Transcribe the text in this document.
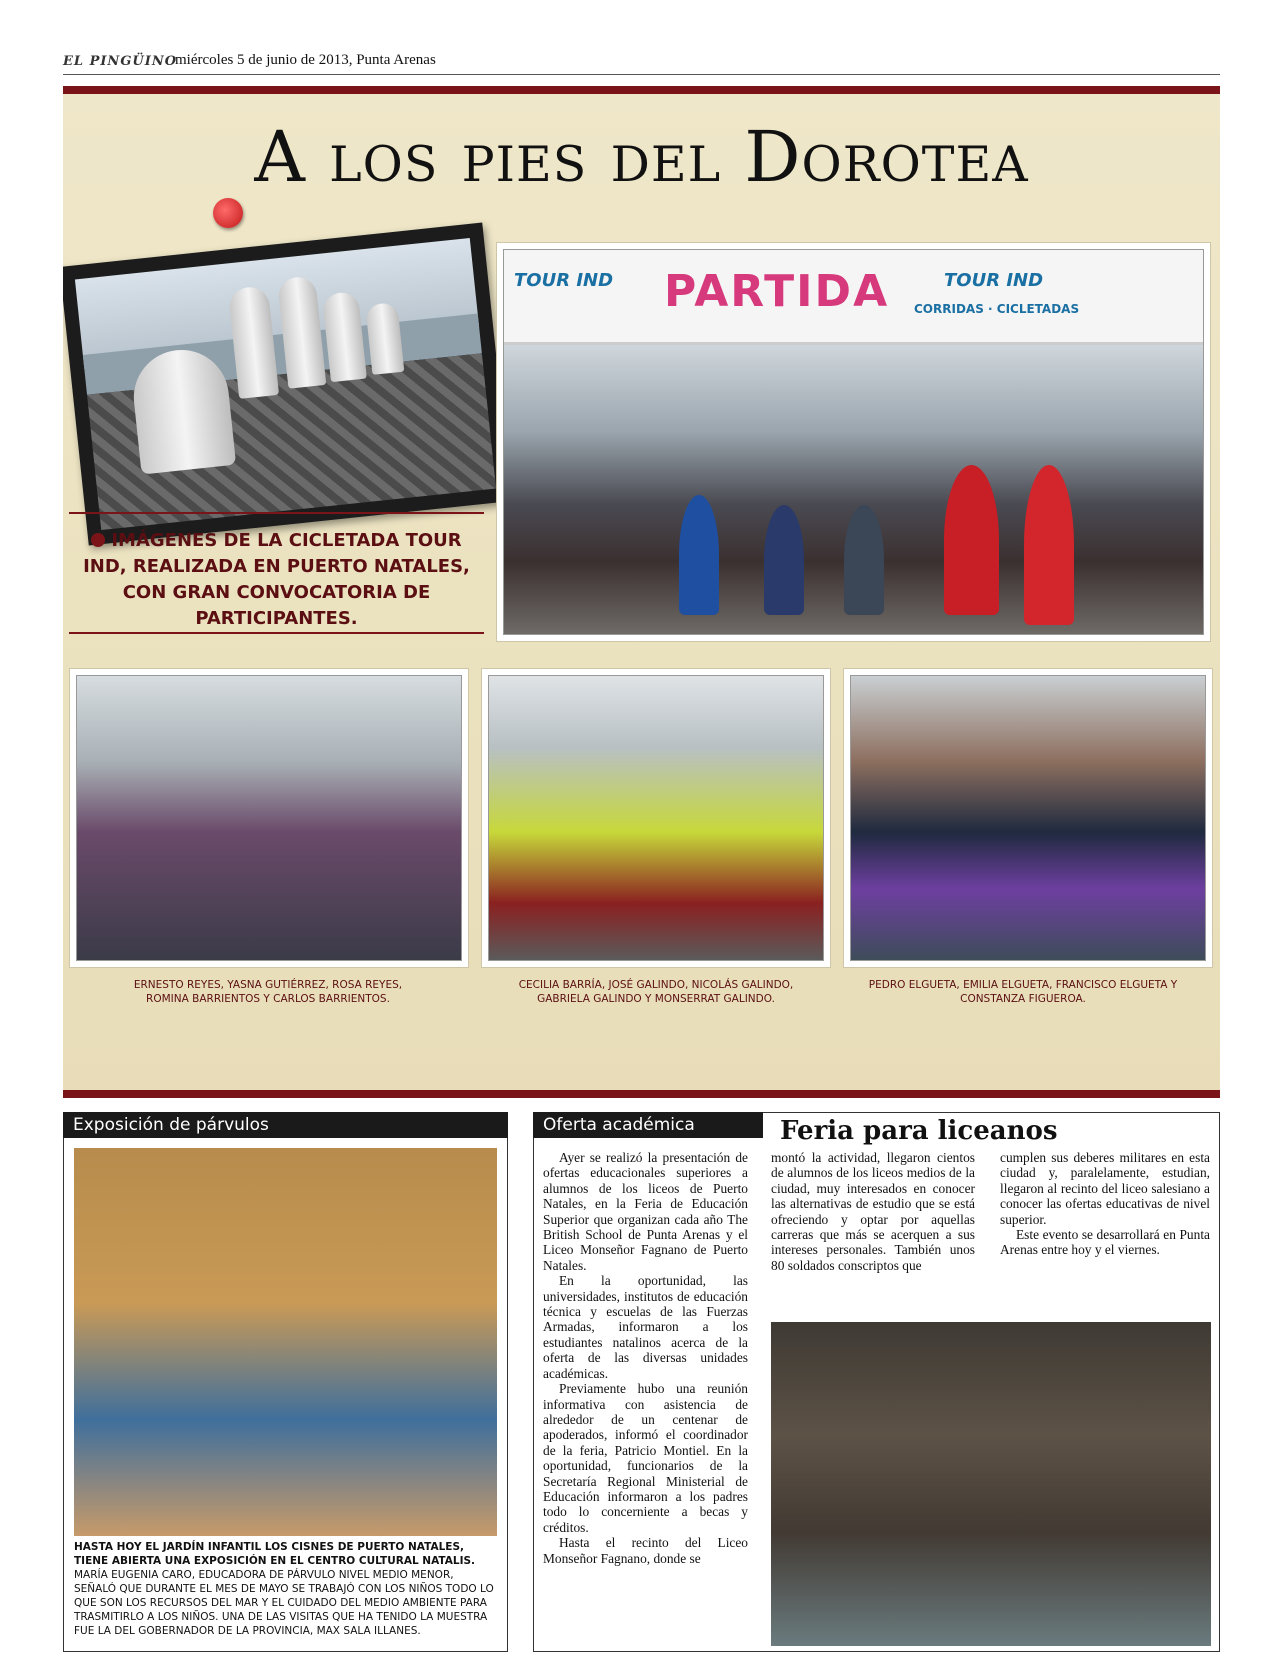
EL PINGÜINO
miércoles 5 de junio de 2013, Punta Arenas
A los pies del Dorotea

IMÁGENES DE LA CICLETADA TOUR IND, REALIZADA EN PUERTO NATALES, CON GRAN CONVOCATORIA DE PARTICIPANTES.

TOUR IND PARTIDA	TOUR IND
CORRIDAS · CICLETADAS
ERNESTO REYES, YASNA GUTIÉRREZ, ROSA REYES, ROMINA BARRIENTOS Y CARLOS BARRIENTOS.
CECILIA BARRÍA, JOSÉ GALINDO, NICOLÁS GALINDO, GABRIELA GALINDO Y MONSERRAT GALINDO.
PEDRO ELGUETA, EMILIA ELGUETA, FRANCISCO ELGUETA Y CONSTANZA FIGUEROA.
Exposición de párvulos
HASTA HOY EL JARDÍN INFANTIL LOS CISNES DE PUERTO NATALES, TIENE ABIERTA UNA EXPOSICIÓN EN EL CENTRO CULTURAL NATALIS. MARÍA EUGENIA CARO, EDUCADORA DE PÁRVULO NIVEL MEDIO MENOR, SEÑALÓ QUE DURANTE EL MES DE MAYO SE TRABAJÓ CON LOS NIÑOS TODO LO QUE SON LOS RECURSOS DEL MAR Y EL CUIDADO DEL MEDIO AMBIENTE PARA TRASMITIRLO A LOS NIÑOS. UNA DE LAS VISITAS QUE HA TENIDO LA MUESTRA FUE LA DEL GOBERNADOR DE LA PROVINCIA, MAX SALA ILLANES.
Oferta académica	Feria para liceanos

Ayer se realizó la presentación de ofertas educacionales superiores a alumnos de los liceos de Puerto Natales, en la Feria de Educación Superior que organizan cada año The British School de Punta Arenas y el Liceo Monseñor Fagnano de Puerto Natales.

En la oportunidad, las universidades, institutos de educación técnica y escuelas de las Fuerzas Armadas, informaron a los estudiantes natalinos acerca de la oferta de las diversas unidades académicas.

Previamente hubo una reunión informativa con asistencia de alrededor de un centenar de apoderados, informó el coordinador de la feria, Patricio Montiel. En la oportunidad, funcionarios de la Secretaría Regional Ministerial de Educación informaron a los padres todo lo concerniente a becas y créditos.

Hasta el recinto del Liceo Monseñor Fagnano, donde se

montó la actividad, llegaron cientos de alumnos de los liceos medios de la ciudad, muy interesados en conocer las alternativas de estudio que se está ofreciendo y optar por aquellas carreras que más se acerquen a sus intereses personales. También unos 80 soldados conscriptos que

cumplen sus deberes militares en esta ciudad y, paralelamente, estudian, llegaron al recinto del liceo salesiano a conocer las ofertas educativas de nivel superior.

Este evento se desarrollará en Punta Arenas entre hoy y el viernes.
